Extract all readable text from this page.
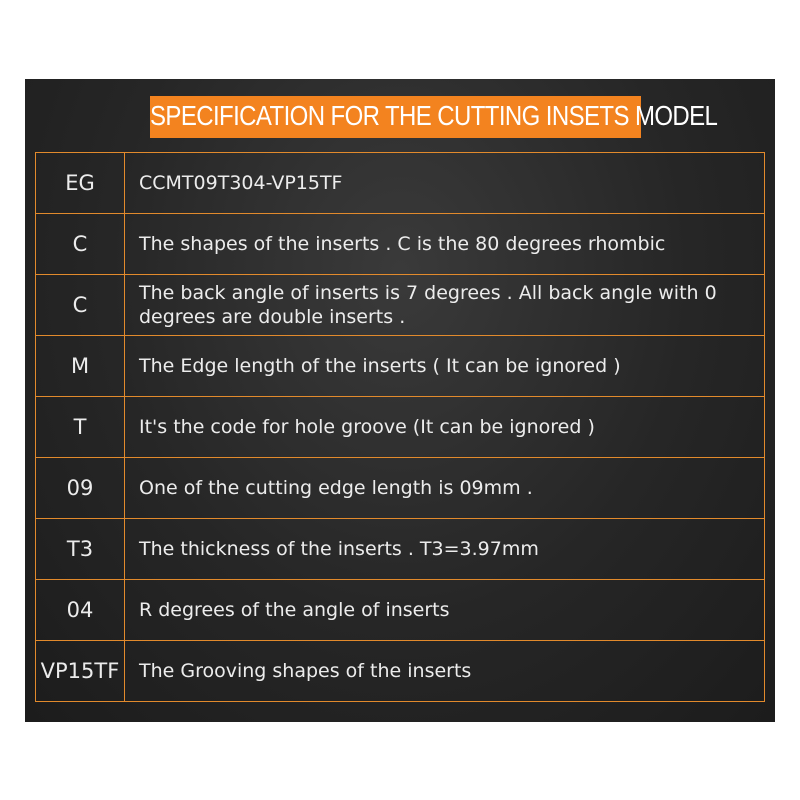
SPECIFICATION FOR THE CUTTING INSETS MODEL
EG	CCMT09T304-VP15TF
C	The shapes of the inserts . C is the 80 degrees rhombic
C	The back angle of inserts is 7 degrees . All back angle with 0 degrees are double inserts .
M	The Edge length of the inserts ( It can be ignored )
T	It's the code for hole groove (It can be ignored )
09	One of the cutting edge length is 09mm .
T3	The thickness of the inserts . T3=3.97mm
04	R degrees of the angle of inserts
VP15TF	The Grooving shapes of the inserts
